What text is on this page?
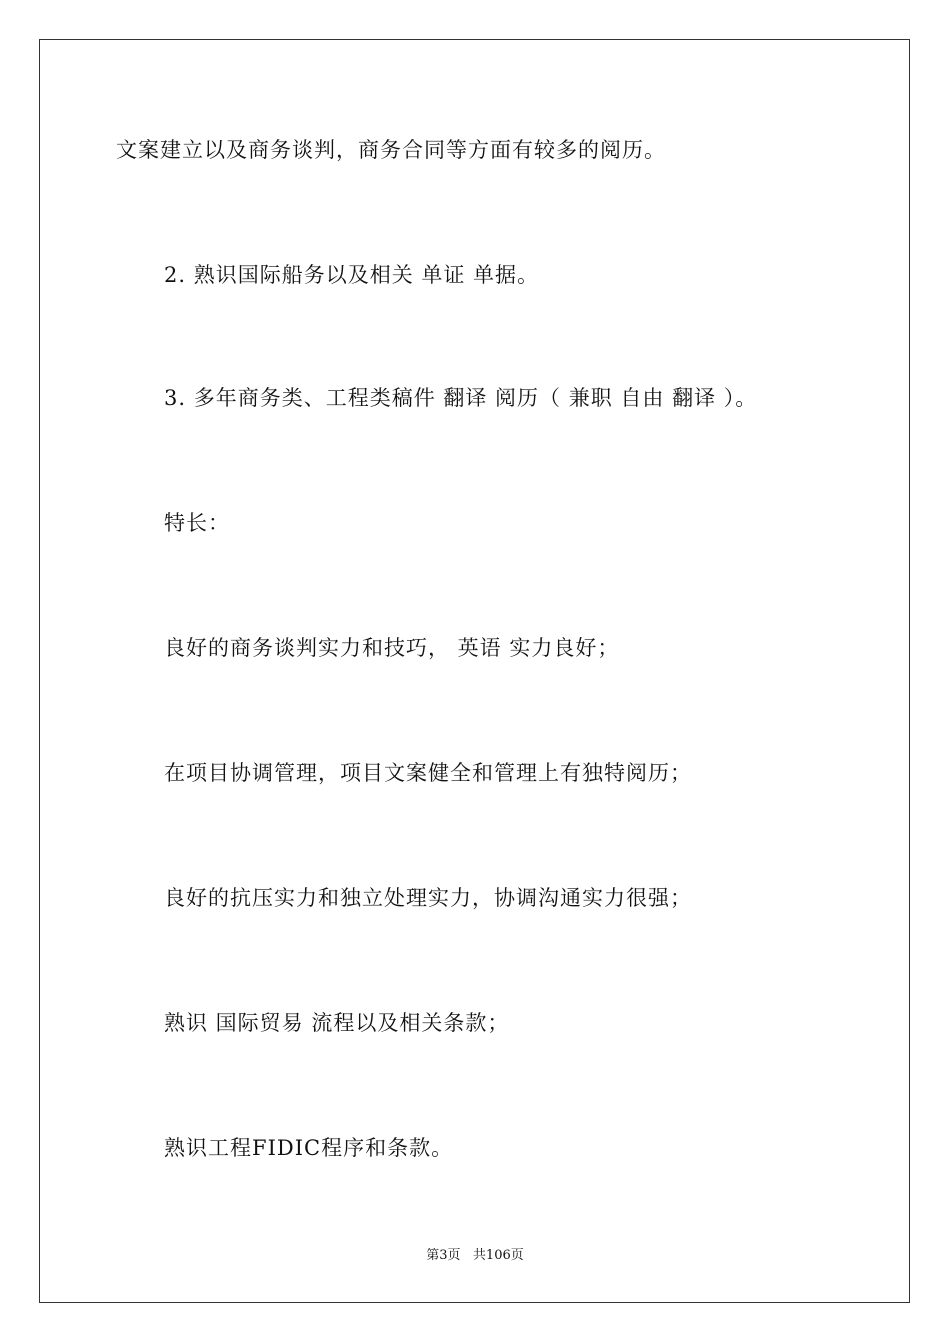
文案建立以及商务谈判，商务合同等方面有较多的阅历。
2. 熟识国际船务以及相关 单证 单据。
3. 多年商务类、工程类稿件 翻译 阅历（ 兼职 自由 翻译 ）。
特长：
良好的商务谈判实力和技巧， 英语 实力良好；
在项目协调管理，项目文案健全和管理上有独特阅历；
良好的抗压实力和独立处理实力，协调沟通实力很强；
熟识 国际贸易 流程以及相关条款；
熟识工程FIDIC程序和条款。
第3页   共106页
